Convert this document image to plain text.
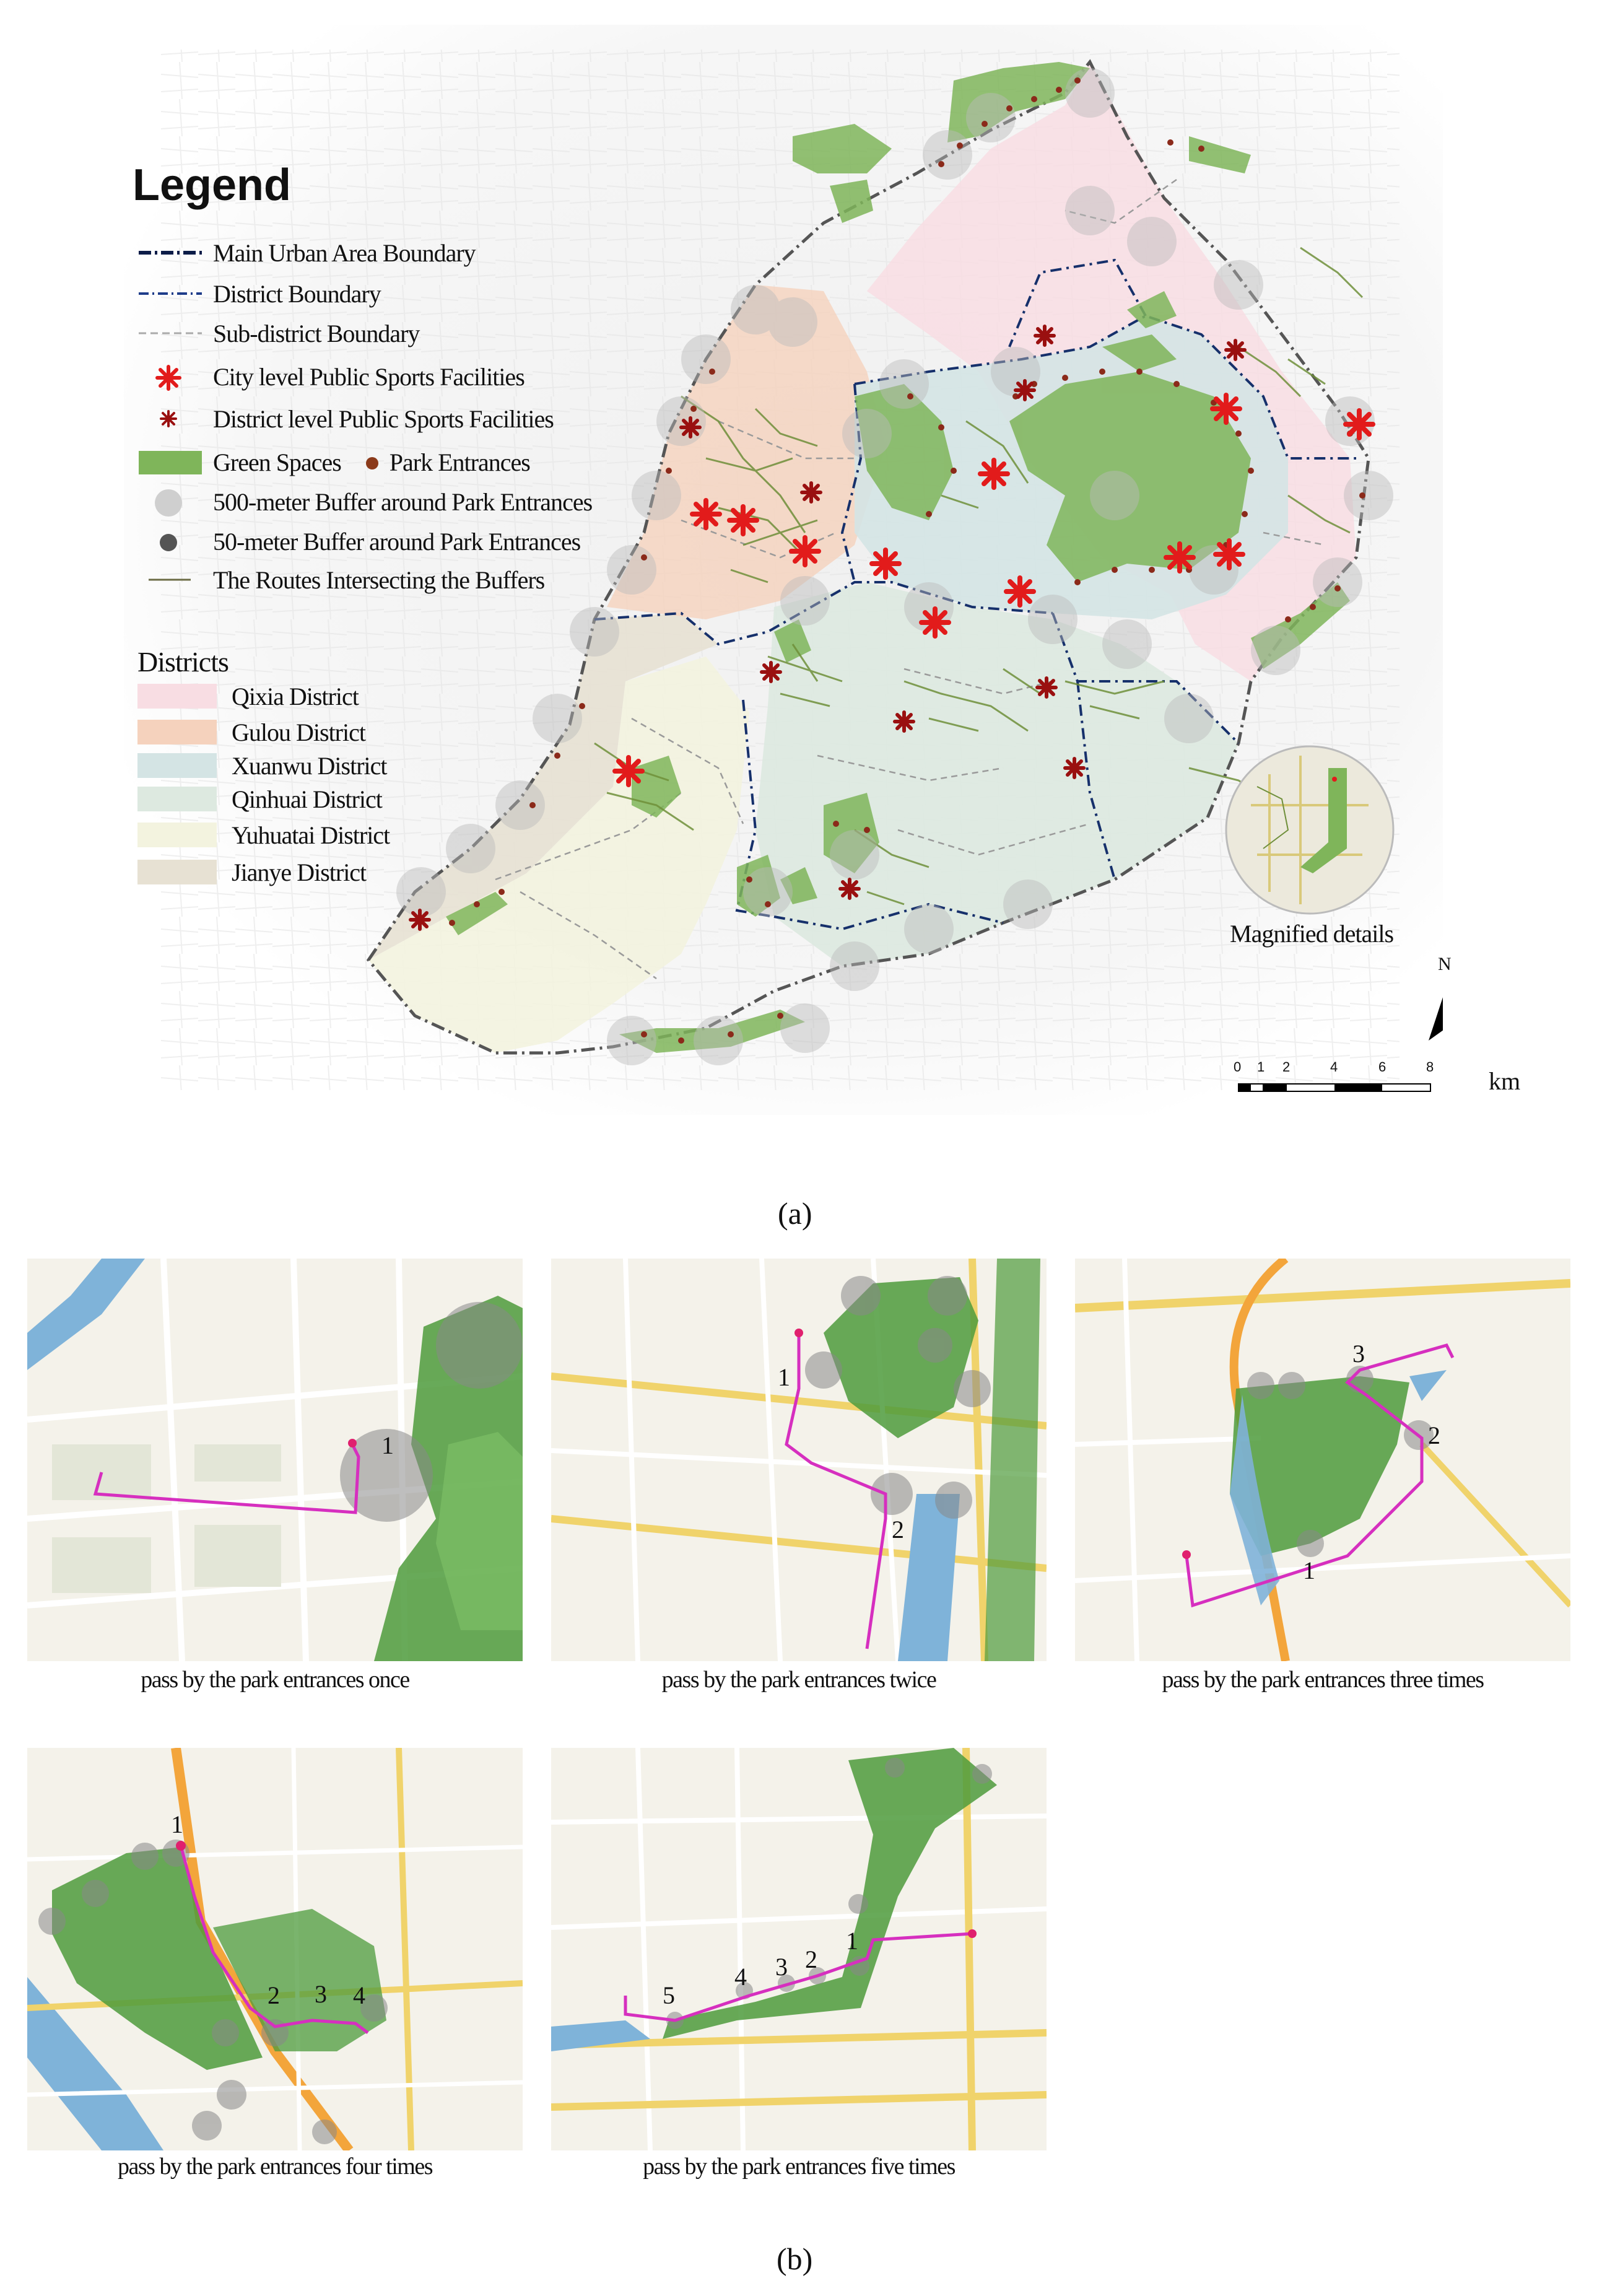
Magnified details
N
0 1 2	4	6	8
km
Legend
Main Urban Area Boundary
District Boundary
Sub-district Boundary
City level Public Sports Facilities
District level Public Sports Facilities
Green Spaces Park Entrances
500-meter Buffer around Park Entrances
50-meter Buffer around Park Entrances
The Routes Intersecting the Buffers
Districts
Qixia District
Gulou District
Xuanwu District
Qinhuai District
Yuhuatai District
Jianye District
(a)
1
pass by the park entrances once
1
2
pass by the park entrances twice
1
2
3
pass by the park entrances three times
1
2 3 4
pass by the park entrances four times
1
2
3
4
5
pass by the park entrances five times
(b)
